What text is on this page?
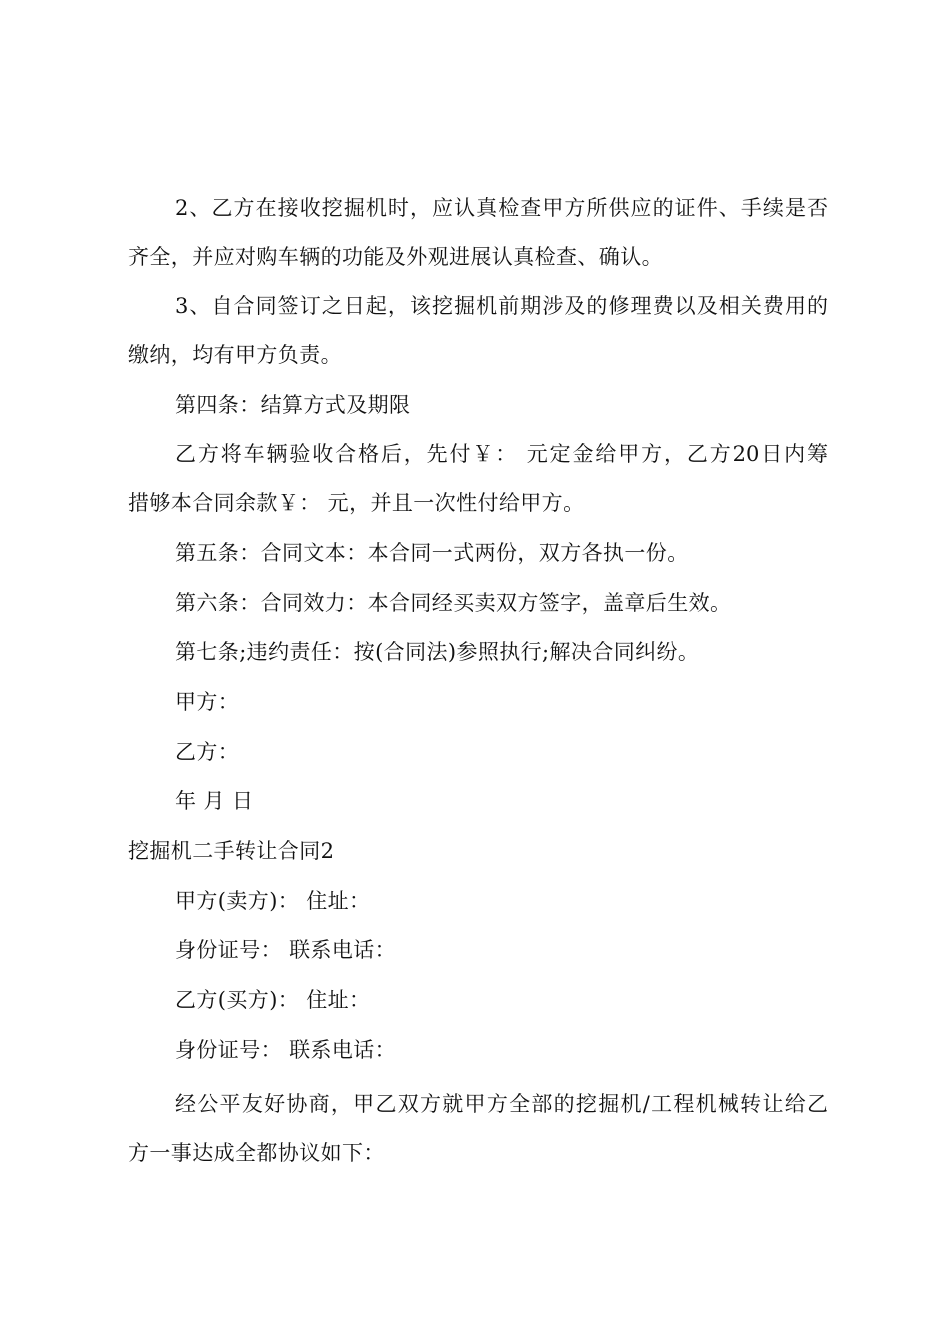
2、乙方在接收挖掘机时，应认真检查甲方所供应的证件、手续是否
齐全，并应对购车辆的功能及外观进展认真检查、确认。
3、自合同签订之日起，该挖掘机前期涉及的修理费以及相关费用的
缴纳，均有甲方负责。
第四条：结算方式及期限
乙方将车辆验收合格后，先付￥： 元定金给甲方，乙方20日内筹
措够本合同余款￥： 元，并且一次性付给甲方。
第五条：合同文本：本合同一式两份，双方各执一份。
第六条：合同效力：本合同经买卖双方签字，盖章后生效。
第七条;违约责任：按(合同法)参照执行;解决合同纠纷。
甲方：
乙方：
年 月 日
挖掘机二手转让合同2
甲方(卖方)： 住址：
身份证号： 联系电话：
乙方(买方)： 住址：
身份证号： 联系电话：
经公平友好协商，甲乙双方就甲方全部的挖掘机/工程机械转让给乙
方一事达成全都协议如下：
